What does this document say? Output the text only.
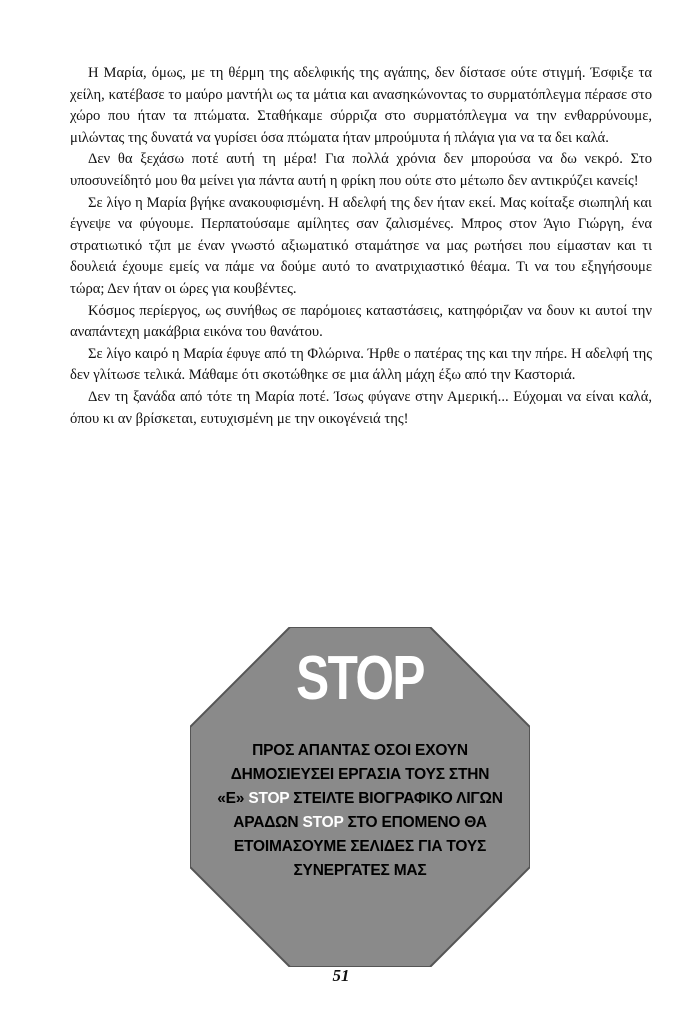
Η Μαρία, όμως, με τη θέρμη της αδελφικής της αγάπης, δεν δίστασε ούτε στιγμή. Έσφιξε τα χείλη, κατέβασε το μαύρο μαντήλι ως τα μάτια και ανασηκώνοντας το συρματόπλεγμα πέρασε στο χώρο που ήταν τα πτώματα. Σταθήκαμε σύρριζα στο συρματόπλεγμα να την ενθαρρύνουμε, μιλώντας της δυνατά να γυρίσει όσα πτώματα ήταν μπρούμυτα ή πλάγια για να τα δει καλά.

Δεν θα ξεχάσω ποτέ αυτή τη μέρα! Για πολλά χρόνια δεν μπορούσα να δω νεκρό. Στο υποσυνείδητό μου θα μείνει για πάντα αυτή η φρίκη που ούτε στο μέτωπο δεν αντικρύζει κανείς!

Σε λίγο η Μαρία βγήκε ανακουφισμένη. Η αδελφή της δεν ήταν εκεί. Μας κοίταξε σιωπηλή και έγνεψε να φύγουμε. Περπατούσαμε αμίλητες σαν ζαλισμένες. Μπρος στον Άγιο Γιώργη, ένα στρατιωτικό τζιπ με έναν γνωστό αξιωματικό σταμάτησε να μας ρωτήσει που είμασταν και τι δουλειά έχουμε εμείς να πάμε να δούμε αυτό το ανατριχιαστικό θέαμα. Τι να του εξηγήσουμε τώρα; Δεν ήταν οι ώρες για κουβέντες.

Κόσμος περίεργος, ως συνήθως σε παρόμοιες καταστάσεις, κατηφόριζαν να δουν κι αυτοί την αναπάντεχη μακάβρια εικόνα του θανάτου.

Σε λίγο καιρό η Μαρία έφυγε από τη Φλώρινα. Ήρθε ο πατέρας της και την πήρε. Η αδελφή της δεν γλίτωσε τελικά. Μάθαμε ότι σκοτώθηκε σε μια άλλη μάχη έξω από την Καστοριά.

Δεν τη ξανάδα από τότε τη Μαρία ποτέ. Ίσως φύγανε στην Αμερική... Εύχομαι να είναι καλά, όπου κι αν βρίσκεται, ευτυχισμένη με την οικογένειά της!

STOP
ΠΡΟΣ ΑΠΑΝΤΑΣ ΟΣΟΙ ΕΧΟΥΝ
ΔΗΜΟΣΙΕΥΣΕΙ ΕΡΓΑΣΙΑ ΤΟΥΣ ΣΤΗΝ
«Ε» STOP ΣΤΕΙΛΤΕ ΒΙΟΓΡΑΦΙΚΟ ΛΙΓΩΝ
ΑΡΑΔΩΝ STOP ΣΤΟ ΕΠΟΜΕΝΟ ΘΑ
ΕΤΟΙΜΑΣΟΥΜΕ ΣΕΛΙΔΕΣ ΓΙΑ ΤΟΥΣ
ΣΥΝΕΡΓΑΤΕΣ ΜΑΣ
51
